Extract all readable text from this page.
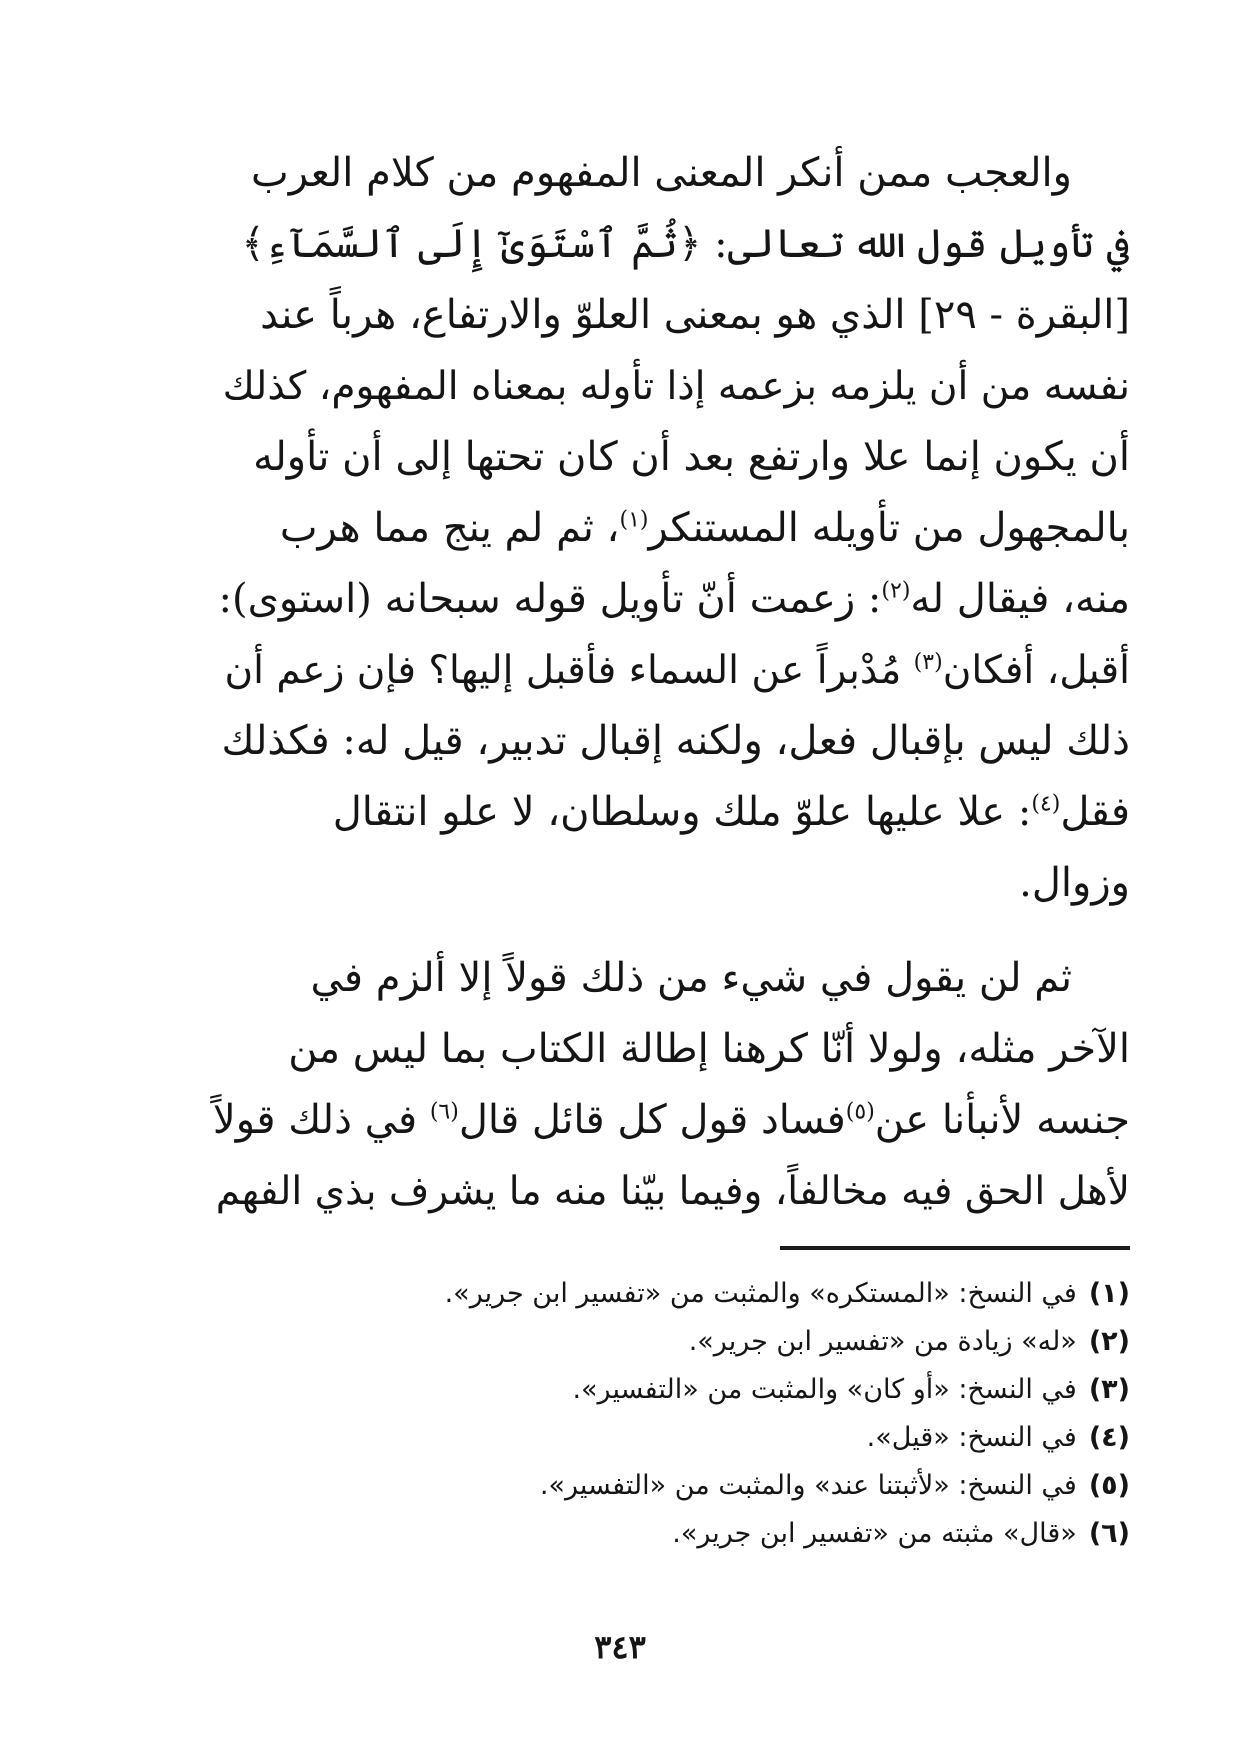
والعجب ممن أنكر المعنى المفهوم من كلام العرب
في تأويل قول الله تعالى: ﴿ثُمَّ ٱسْتَوَىٰٓ إِلَى ٱلسَّمَآءِ﴾
[البقرة - ٢٩] الذي هو بمعنى العلوّ والارتفاع، هرباً عند
نفسه من أن يلزمه بزعمه إذا تأوله بمعناه المفهوم، كذلك
أن يكون إنما علا وارتفع بعد أن كان تحتها إلى أن تأوله
بالمجهول من تأويله المستنكر$^{(١)}$، ثم لم ينج مما هرب
منه، فيقال له$^{(٢)}$: زعمت أنّ تأويل قوله سبحانه (استوى):
أقبل، أفكان$^{(٣)}$ مُدْبراً عن السماء فأقبل إليها؟ فإن زعم أن
ذلك ليس بإقبال فعل، ولكنه إقبال تدبير، قيل له: فكذلك
فقل$^{(٤)}$: علا عليها علوّ ملك وسلطان، لا علو انتقال
وزوال.
ثم لن يقول في شيء من ذلك قولاً إلا ألزم في
الآخر مثله، ولولا أنّا كرهنا إطالة الكتاب بما ليس من
جنسه لأنبأنا عن$^{(٥)}$فساد قول كل قائل قال$^{(٦)}$ في ذلك قولاً
لأهل الحق فيه مخالفاً، وفيما بيّنا منه ما يشرف بذي الفهم
(١)في النسخ: «المستكره» والمثبت من «تفسير ابن جرير».
(٢)«له» زيادة من «تفسير ابن جرير».
(٣)في النسخ: «أو كان» والمثبت من «التفسير».
(٤)في النسخ: «قيل».
(٥)في النسخ: «لأثبتنا عند» والمثبت من «التفسير».
(٦)«قال» مثبته من «تفسير ابن جرير».
٣٤٣
